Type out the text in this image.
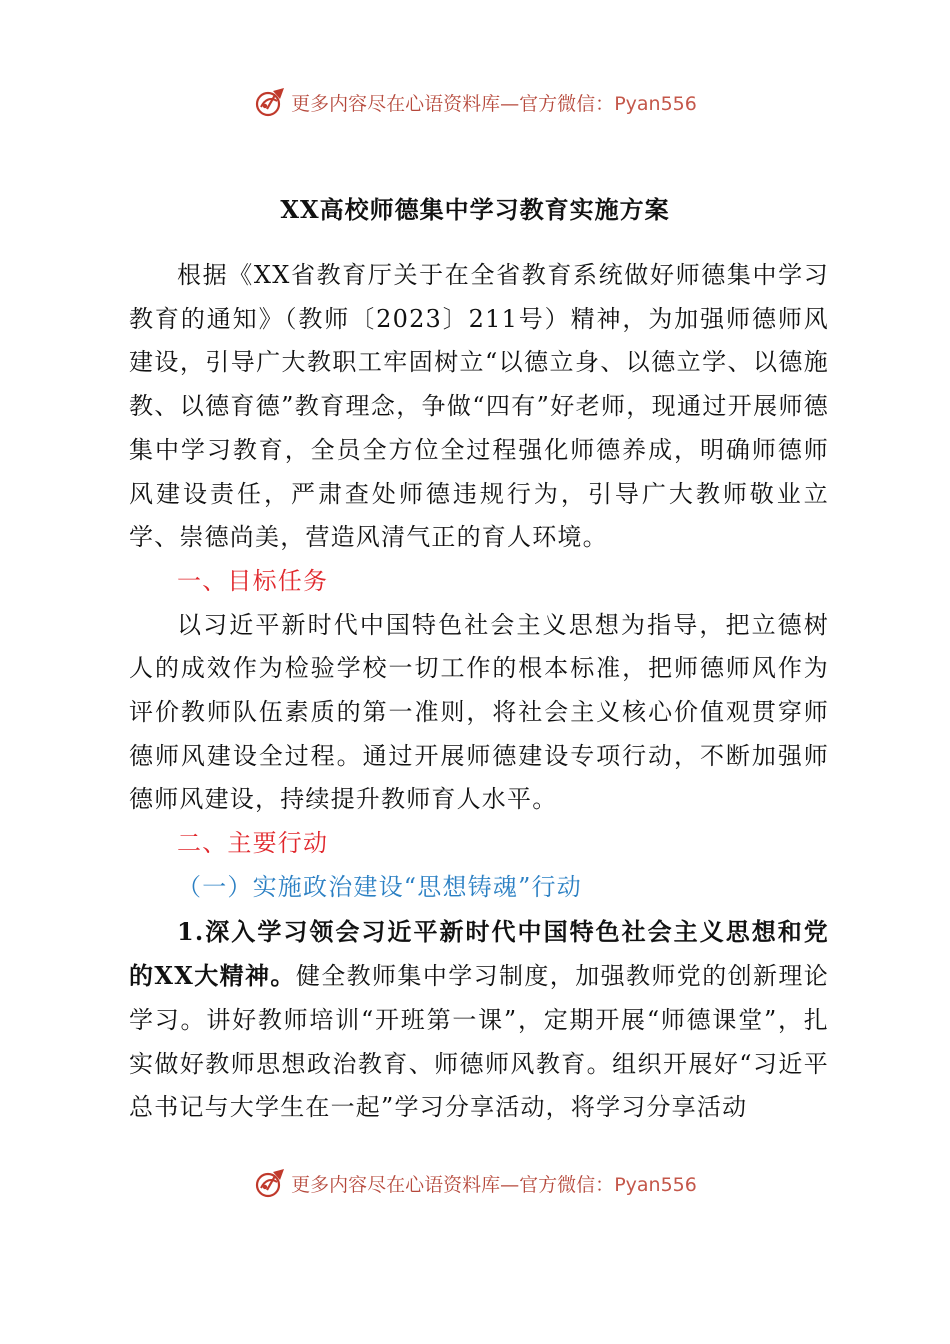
更多内容尽在心语资料库—官方微信：Pyan556
XX高校师德集中学习教育实施方案

根据《XX省教育厅关于在全省教育系统做好师德集中学习教育的通知》（教师〔2023〕211号）精神，为加强师德师风建设，引导广大教职工牢固树立“以德立身、以德立学、以德施教、以德育德”教育理念，争做“四有”好老师，现通过开展师德集中学习教育，全员全方位全过程强化师德养成，明确师德师风建设责任，严肃查处师德违规行为，引导广大教师敬业立学、崇德尚美，营造风清气正的育人环境。

一、目标任务

以习近平新时代中国特色社会主义思想为指导，把立德树人的成效作为检验学校一切工作的根本标准，把师德师风作为评价教师队伍素质的第一准则，将社会主义核心价值观贯穿师德师风建设全过程。通过开展师德建设专项行动，不断加强师德师风建设，持续提升教师育人水平。

二、主要行动

（一）实施政治建设“思想铸魂”行动

1.深入学习领会习近平新时代中国特色社会主义思想和党的XX大精神。健全教师集中学习制度，加强教师党的创新理论学习。讲好教师培训“开班第一课”，定期开展“师德课堂”，扎实做好教师思想政治教育、师德师风教育。组织开展好“习近平总书记与大学生在一起”学习分享活动，将学习分享活动

更多内容尽在心语资料库—官方微信：Pyan556
